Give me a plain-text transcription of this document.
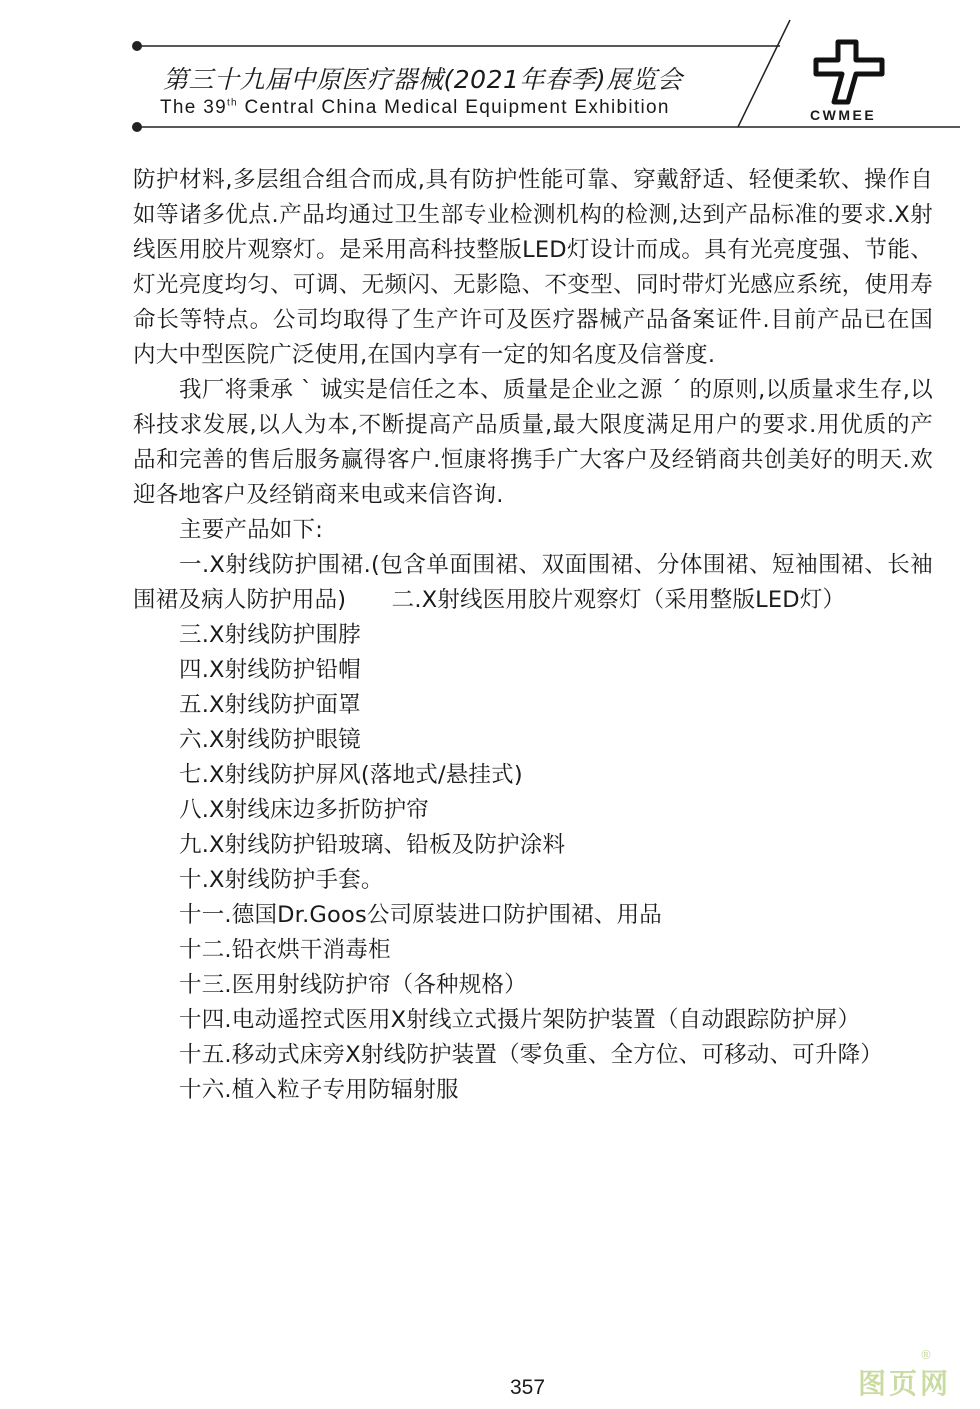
第三十九届中原医疗器械(2021年春季)展览会
The 39th Central China Medical Equipment Exhibition	CWMEE

防护材料,多层组合组合而成,具有防护性能可靠、穿戴舒适、轻便柔软、操作自如等诸多优点.产品均通过卫生部专业检测机构的检测,达到产品标准的要求.X射线医用胶片观察灯。是采用高科技整版LED灯设计而成。具有光亮度强、节能、灯光亮度均匀、可调、无频闪、无影隐、不变型、同时带灯光感应系统，使用寿命长等特点。公司均取得了生产许可及医疗器械产品备案证件.目前产品已在国内大中型医院广泛使用,在国内享有一定的知名度及信誉度.

我厂将秉承 ˋ 诚实是信任之本、质量是企业之源 ˊ 的原则,以质量求生存,以科技求发展,以人为本,不断提高产品质量,最大限度满足用户的要求.用优质的产品和完善的售后服务赢得客户.恒康将携手广大客户及经销商共创美好的明天.欢迎各地客户及经销商来电或来信咨询.

主要产品如下:
一.X射线防护围裙.(包含单面围裙、双面围裙、分体围裙、短袖围裙、长袖围裙及病人防护用品)　　二.X射线医用胶片观察灯（采用整版LED灯）
三.X射线防护围脖
四.X射线防护铅帽
五.X射线防护面罩
六.X射线防护眼镜
七.X射线防护屏风(落地式/悬挂式)
八.X射线床边多折防护帘
九.X射线防护铅玻璃、铅板及防护涂料
十.X射线防护手套。
十一.德国Dr.Goos公司原装进口防护围裙、用品
十二.铅衣烘干消毒柜
十三.医用射线防护帘（各种规格）
十四.电动遥控式医用X射线立式摄片架防护装置（自动跟踪防护屏）
十五.移动式床旁X射线防护装置（零负重、全方位、可移动、可升降）
十六.植入粒子专用防辐射服
357	图页网
®
